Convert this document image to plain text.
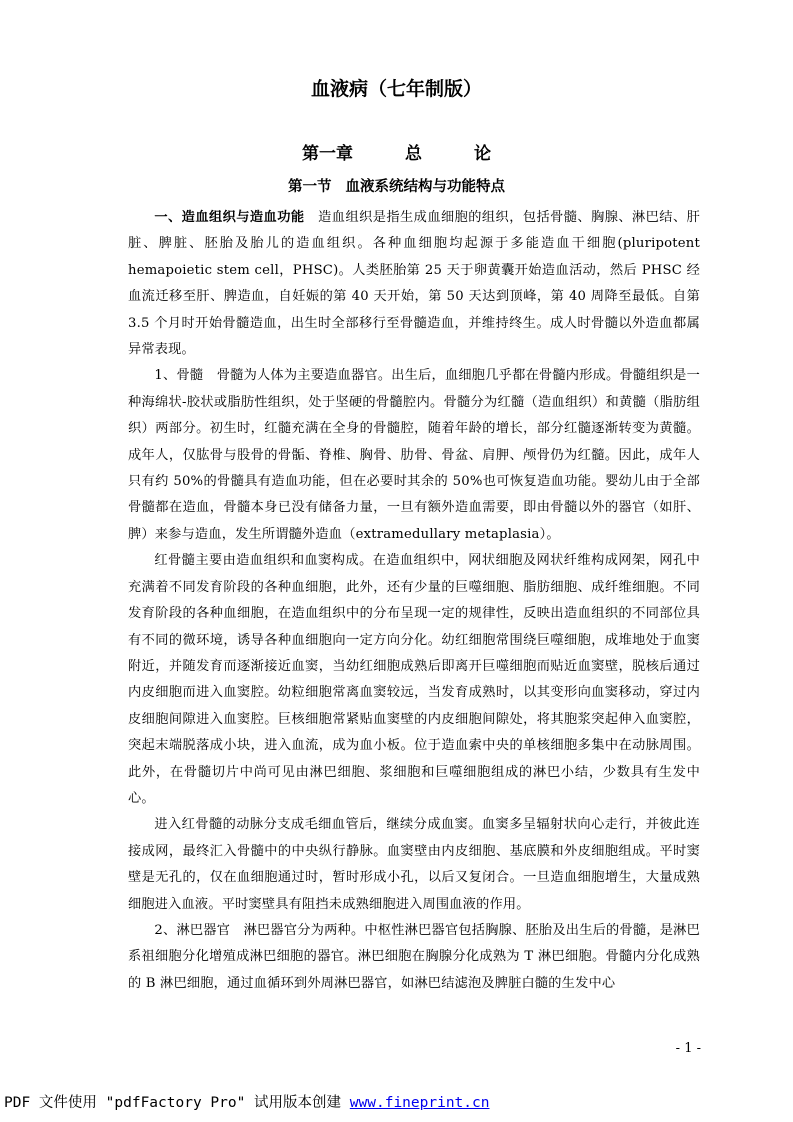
血液病（七年制版）
第一章	总	论
第一节 血液系统结构与功能特点

一、造血组织与造血功能　 造血组织是指生成血细胞的组织，包括骨髓、胸腺、淋巴结、肝脏、脾脏、胚胎及胎儿的造血组织。各种血细胞均起源于多能造血干细胞(pluripotent hemapoietic stem cell，PHSC)。人类胚胎第 25 天于卵黄囊开始造血活动，然后 PHSC 经血流迁移至肝、脾造血，自妊娠的第 40 天开始，第 50 天达到顶峰，第 40 周降至最低。自第 3.5 个月时开始骨髓造血，出生时全部移行至骨髓造血，并维持终生。成人时骨髓以外造血都属异常表现。

1、骨髓　骨髓为人体为主要造血器官。出生后，血细胞几乎都在骨髓内形成。骨髓组织是一种海绵状-胶状或脂肪性组织，处于坚硬的骨髓腔内。骨髓分为红髓（造血组织）和黄髓（脂肪组织）两部分。初生时，红髓充满在全身的骨髓腔，随着年龄的增长，部分红髓逐渐转变为黄髓。成年人，仅肱骨与股骨的骨骺、脊椎、胸骨、肋骨、骨盆、肩胛、颅骨仍为红髓。因此，成年人只有约 50%的骨髓具有造血功能，但在必要时其余的 50%也可恢复造血功能。婴幼儿由于全部骨髓都在造血，骨髓本身已没有储备力量，一旦有额外造血需要，即由骨髓以外的器官（如肝、脾）来参与造血，发生所谓髓外造血（extramedullary metaplasia）。

红骨髓主要由造血组织和血窦构成。在造血组织中，网状细胞及网状纤维构成网架，网孔中充满着不同发育阶段的各种血细胞，此外，还有少量的巨噬细胞、脂肪细胞、成纤维细胞。不同发育阶段的各种血细胞，在造血组织中的分布呈现一定的规律性，反映出造血组织的不同部位具有不同的微环境，诱导各种血细胞向一定方向分化。幼红细胞常围绕巨噬细胞，成堆地处于血窦附近，并随发育而逐渐接近血窦，当幼红细胞成熟后即离开巨噬细胞而贴近血窦壁，脱核后通过内皮细胞而进入血窦腔。幼粒细胞常离血窦较远，当发育成熟时，以其变形向血窦移动，穿过内皮细胞间隙进入血窦腔。巨核细胞常紧贴血窦壁的内皮细胞间隙处，将其胞浆突起伸入血窦腔，突起末端脱落成小块，进入血流，成为血小板。位于造血索中央的单核细胞多集中在动脉周围。此外，在骨髓切片中尚可见由淋巴细胞、浆细胞和巨噬细胞组成的淋巴小结，少数具有生发中心。

进入红骨髓的动脉分支成毛细血管后，继续分成血窦。血窦多呈辐射状向心走行，并彼此连接成网，最终汇入骨髓中的中央纵行静脉。血窦壁由内皮细胞、基底膜和外皮细胞组成。平时窦壁是无孔的，仅在血细胞通过时，暂时形成小孔，以后又复闭合。一旦造血细胞增生，大量成熟细胞进入血液。平时窦壁具有阻挡未成熟细胞进入周围血液的作用。

2、淋巴器官　淋巴器官分为两种。中枢性淋巴器官包括胸腺、胚胎及出生后的骨髓，是淋巴系祖细胞分化增殖成淋巴细胞的器官。淋巴细胞在胸腺分化成熟为 T 淋巴细胞。骨髓内分化成熟的 B 淋巴细胞，通过血循环到外周淋巴器官，如淋巴结滤泡及脾脏白髓的生发中心

- 1 -
PDF 文件使用 "pdfFactory Pro" 试用版本创建 www.fineprint.cn
